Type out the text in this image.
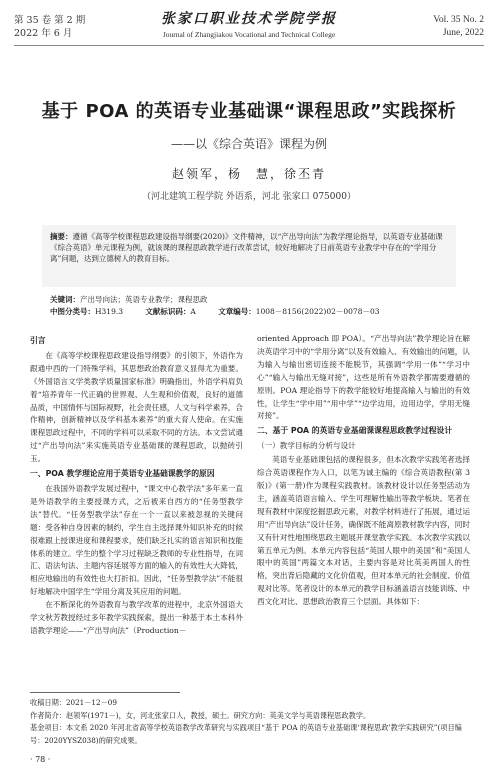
第 35 卷 第 2 期
2022 年 6 月
张家口职业技术学院学报
Journal of Zhangjiakou Vocational and Technical College
Vol. 35 No. 2
June, 2022
基于 POA 的英语专业基础课“课程思政”实践探析
——以《综合英语》课程为例
赵领军，杨　慧，徐丕青
（河北建筑工程学院 外语系，河北 张家口 075000）
摘要：遵循《高等学校课程思政建设指导纲要(2020)》文件精神，以“产出导向法”为教学理论指导，以英语专业基础课《综合英语》单元课程为例，就该课的课程思政教学进行改革尝试，较好地解决了日前英语专业教学中存在的“学用分离”问题，达到立德树人的教育目标。
关键词：产出导向法；英语专业教学；课程思政
中图分类号：H319.3	文献标识码：A	文章编号：1008－8156(2022)02－0078－03
引言

在《高等学校课程思政建设指导纲要》的引领下，外语作为跟通中西的一门特殊学科，其思想政治教育意义显得尤为重要。《外国语言文学类教学质量国家标准》明确指出，外语学科肩负着“培养青年一代正确的世界观、人生观和价值观，良好的道德品质，中国情怀与国际视野，社会责任感，人文与科学素养，合作精神，创新精神以及学科基本素养”的重大育人使命。在实施课程思政过程中，不同的学科可以采取不同的方法。本文尝试通过“产出导向法”来实施英语专业基础课的课程思政，以抛砖引玉。

一、POA 教学理论应用于英语专业基础课教学的原因

在我国外语教学发展过程中，“课文中心教学法”多年来一直是外语教学的主要授课方式，之后被来自西方的“任务型教学法”替代。“任务型教学法”存在一个一直以来被忽视的关键问题：受各种自身因素的制约，学生自主选择课外知识补充的时候很难跟上授课进度和课程要求，使们缺乏扎实的语言知识和技能体系的建立。学生的整个学习过程缺乏教师的专业性指导，在词汇、语法句法、主题内容延展等方面的输入的有效性大大降低，相应地输出的有效性也大打折扣。因此，“任务型教学法”不能很好地解决中国学生“学用分离及其应用的问题。

在不断深化的外语教育与教学改革的进程中，北京外国语大学文秋芳教授经过多年教学实践探索，提出一种基于本土本科外语教学理论——“产出导向法”（Production－

oriented Approach 即 POA）。“产出导向法”教学理论旨在解决英语学习中的“学用分离”以及有效输入、有效输出的问题，认为输入与输出密切连接不能脱节，其强调“学用一体”“学习中心”“输入与输出无缝对接”，这些是所有外语教学都需要遵循的原则。POA 理论指导下的教学能较好地提高输入与输出的有效性，让学生“学中用”“用中学”“边学边用，边用边学，学用无缝对接”。

二、基于 POA 的英语专业基础课课程思政教学过程设计
（一）教学目标的分析与设计

英语专业基础课包括的课程很多，但本次教学实践笔者选择综合英语课程作为入口，以笔为诚主编的《综合英语教程(第 3 版)》(第一册)作为课程实践教材。该教材设计以任务型活动为主，涵盖英语语言输入、学生可理解性输出等教学板块。笔者在现有教材中深度挖掘思政元素，对教学材料进行了拓展，通过运用“产出导向法”设计任务，确保既不能离原教材教学内容，同时又有针对性地围绕思政主题展开课堂教学实践。本次教学实践以第五单元为例。本单元内容包括“英国人眼中的美国”和“美国人眼中的英国”两篇文本对话，主要内容是对比英美两国人的性格，突出背后隐藏的文化价值观，但对本单元的社会制度、价值观对比等。笔者设计的本单元的教学目标涵盖语言技能训练、中西文化对比、思想政治教育三个层面。具体如下：

收稿日期：2021－12－09

作者简介：赵领军(1971－)，女，河北张家口人，教授，硕士。研究方向：英美文学与英语课程思政教学。

基金项目：本文系 2020 年河北省高等学校英语教学改革研究与实践项目“基于 POA 的英语专业基础课‘课程思政’教学实践研究”(项目编号：2020YYSZ038)的研究成果。

· 78 ·
